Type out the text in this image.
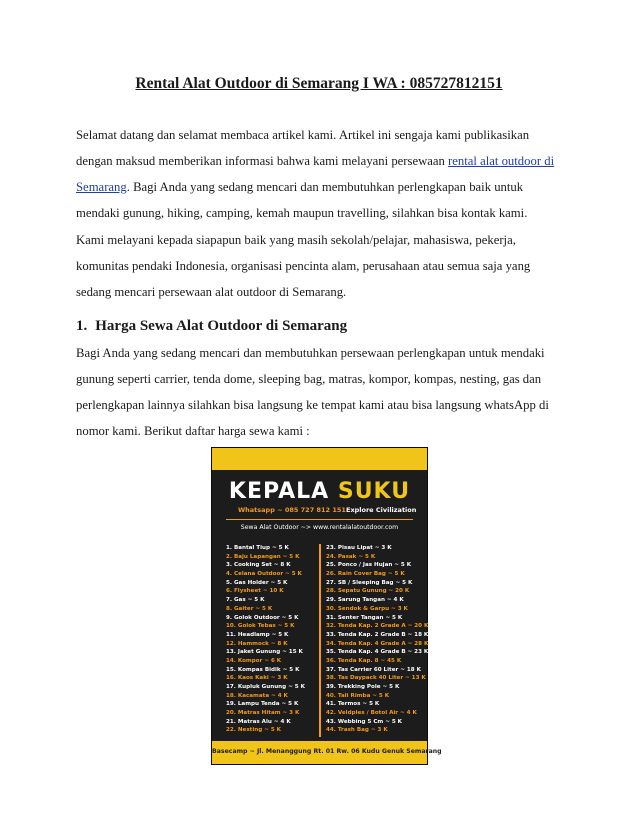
Rental Alat Outdoor di Semarang I WA : 085727812151

Selamat datang dan selamat membaca artikel kami. Artikel ini sengaja kami publikasikan dengan maksud memberikan informasi bahwa kami melayani persewaan rental alat outdoor di Semarang. Bagi Anda yang sedang mencari dan membutuhkan perlengkapan baik untuk mendaki gunung, hiking, camping, kemah maupun travelling, silahkan bisa kontak kami.

Kami melayani kepada siapapun baik yang masih sekolah/pelajar, mahasiswa, pekerja, komunitas pendaki Indonesia, organisasi pencinta alam, perusahaan atau semua saja yang sedang mencari persewaan alat outdoor di Semarang.

1. Harga Sewa Alat Outdoor di Semarang

Bagi Anda yang sedang mencari dan membutuhkan persewaan perlengkapan untuk mendaki gunung seperti carrier, tenda dome, sleeping bag, matras, kompor, kompas, nesting, gas dan perlengkapan lainnya silahkan bisa langsung ke tempat kami atau bisa langsung whatsApp di nomor kami. Berikut daftar harga sewa kami :

KEPALA SUKU
Whatsapp ~ 085 727 812 151 Explore Civilization
Sewa Alat Outdoor ~> www.rentalalatoutdoor.com
1. Bantal Tiup ~ 5 K
2. Baju Lapangan ~ 5 K
3. Cooking Set ~ 8 K
4. Celana Outdoor ~ 5 K
5. Gas Holder ~ 5 K
6. Flysheet ~ 10 K
7. Gas ~ 5 K
8. Gaiter ~ 5 K
9. Golok Outdoor ~ 5 K
10. Golok Tebas ~ 5 K
11. Headlamp ~ 5 K
12. Hammock ~ 8 K
13. Jaket Gunung ~ 15 K
14. Kompor ~ 6 K
15. Kompas Bidik ~ 5 K
16. Kaos Kaki ~ 3 K
17. Kupluk Gunung ~ 5 K
18. Kacamata ~ 4 K
19. Lampu Tenda ~ 5 K
20. Matras Hitam ~ 3 K
21. Matras Alu ~ 4 K
22. Nesting ~ 5 K
23. Pisau Lipat ~ 3 K
24. Pasak ~ 5 K
25. Ponco / Jas Hujan ~ 5 K
26. Rain Cover Bag ~ 5 K
27. SB / Sleeping Bag ~ 5 K
28. Sepatu Gunung ~ 20 K
29. Sarung Tangan ~ 4 K
30. Sendok & Garpu ~ 3 K
31. Senter Tangan ~ 5 K
32. Tenda Kap. 2 Grade A ~ 20 K
33. Tenda Kap. 2 Grade B ~ 18 K
34. Tenda Kap. 4 Grade A ~ 28 K
35. Tenda Kap. 4 Grade B ~ 23 K
36. Tenda Kap. 8 ~ 45 K
37. Tas Carrier 60 Liter ~ 18 K
38. Tas Daypack 40 Liter ~ 13 K
39. Trekking Pole ~ 5 K
40. Tali Rimba ~ 5 K
41. Termos ~ 5 K
42. Veldples / Botol Air ~ 4 K
43. Webbing 5 Cm ~ 5 K
44. Trash Bag ~ 3 K
Basecamp ~ Jl. Menanggung Rt. 01 Rw. 06 Kudu Genuk Semarang
